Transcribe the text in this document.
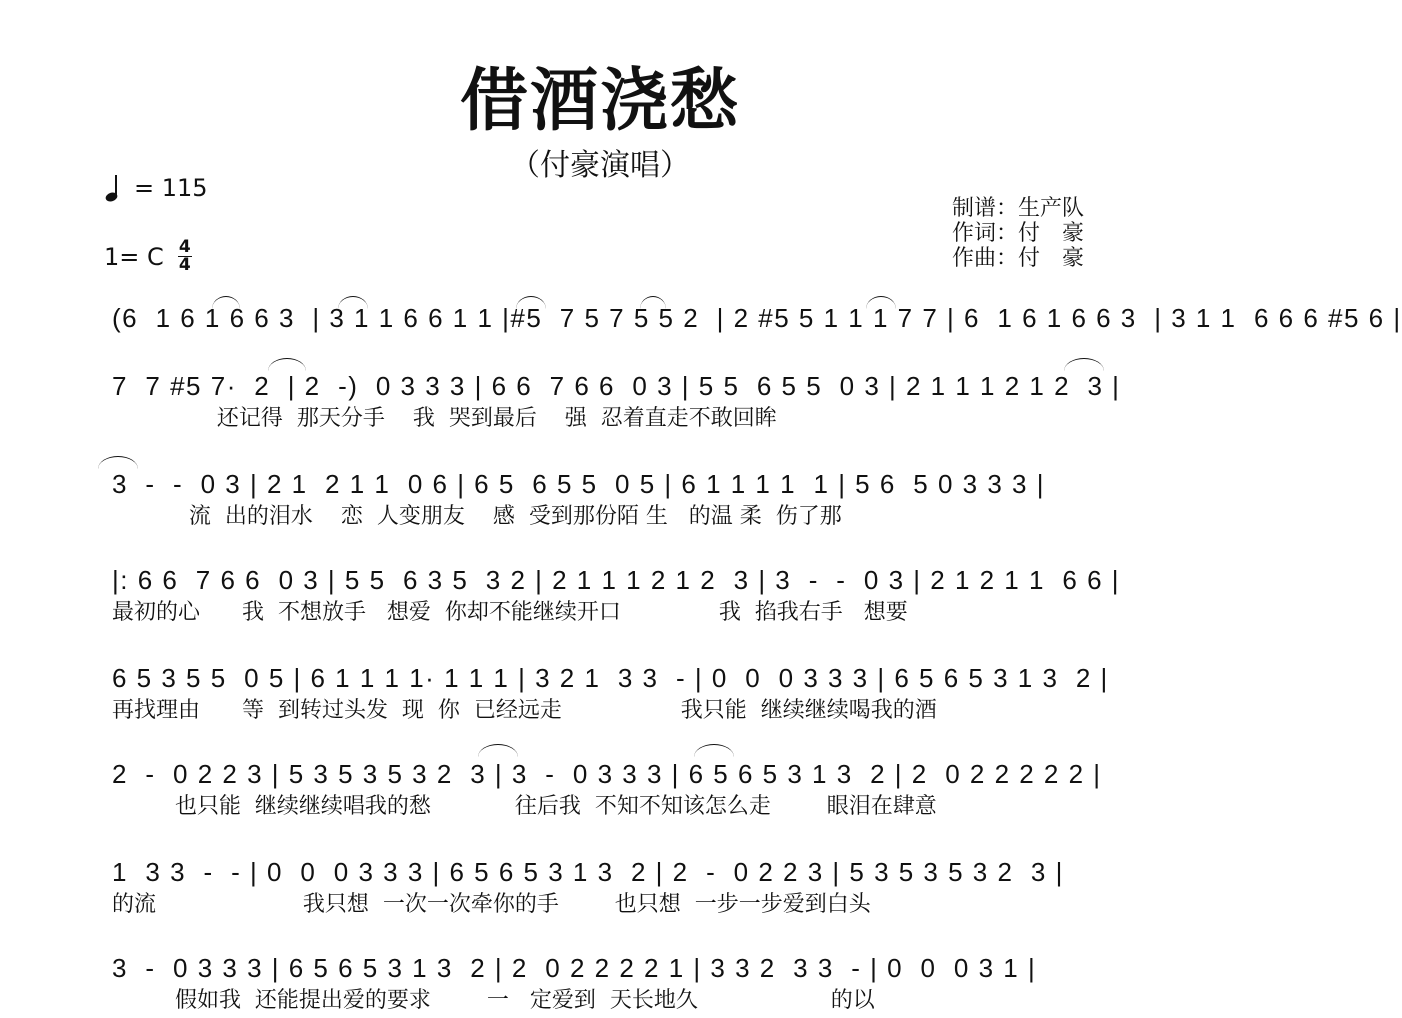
借酒浇愁
（付豪演唱）
= 115
1= C 4
4
制谱：生产队
作词：付　豪
作曲：付　豪
(6  1 6 1 6 6 3  | 3 1 1 6 6 1 1 |#5  7 5 7 5 5 2  | 2 #5 5 1 1 1 7 7 | 6  1 6 1 6 6 3  | 3 1 1  6 6 6 #5 6 |
7  7 #5 7·  2  | 2  -)  0 3 3 3 | 6 6  7 6 6  0 3 | 5 5  6 5 5  0 3 | 2 1 1 1 2 1 2  3 |
还记得  那天分手    我  哭到最后    强  忍着直走不敢回眸
3  -  -  0 3 | 2 1  2 1 1  0 6 | 6 5  6 5 5  0 5 | 6 1 1 1 1  1 | 5 6  5 0 3 3 3 |
流  出的泪水    恋  人变朋友    感  受到那份陌 生   的温 柔  伤了那
|: 6 6  7 6 6  0 3 | 5 5  6 3 5  3 2 | 2 1 1 1 2 1 2  3 | 3  -  -  0 3 | 2 1 2 1 1  6 6 |
最初的心      我  不想放手   想爱  你却不能继续开口              我  掐我右手   想要
6 5 3 5 5  0 5 | 6 1 1 1 1· 1 1 1 | 3 2 1  3 3  - | 0  0  0 3 3 3 | 6 5 6 5 3 1 3  2 |
再找理由      等  到转过头发  现  你  已经远走                 我只能  继续继续喝我的酒
2  -  0 2 2 3 | 5 3 5 3 5 3 2  3 | 3  -  0 3 3 3 | 6 5 6 5 3 1 3  2 | 2  0 2 2 2 2 2 |
也只能  继续继续唱我的愁            往后我  不知不知该怎么走        眼泪在肆意
1  3 3  -  - | 0  0  0 3 3 3 | 6 5 6 5 3 1 3  2 | 2  -  0 2 2 3 | 5 3 5 3 5 3 2  3 |
的流                     我只想  一次一次牵你的手        也只想  一步一步爱到白头
3  -  0 3 3 3 | 6 5 6 5 3 1 3  2 | 2  0 2 2 2 2 1 | 3 3 2  3 3  - | 0  0  0 3 1 |
假如我  还能提出爱的要求        一   定爱到  天长地久                   的以
